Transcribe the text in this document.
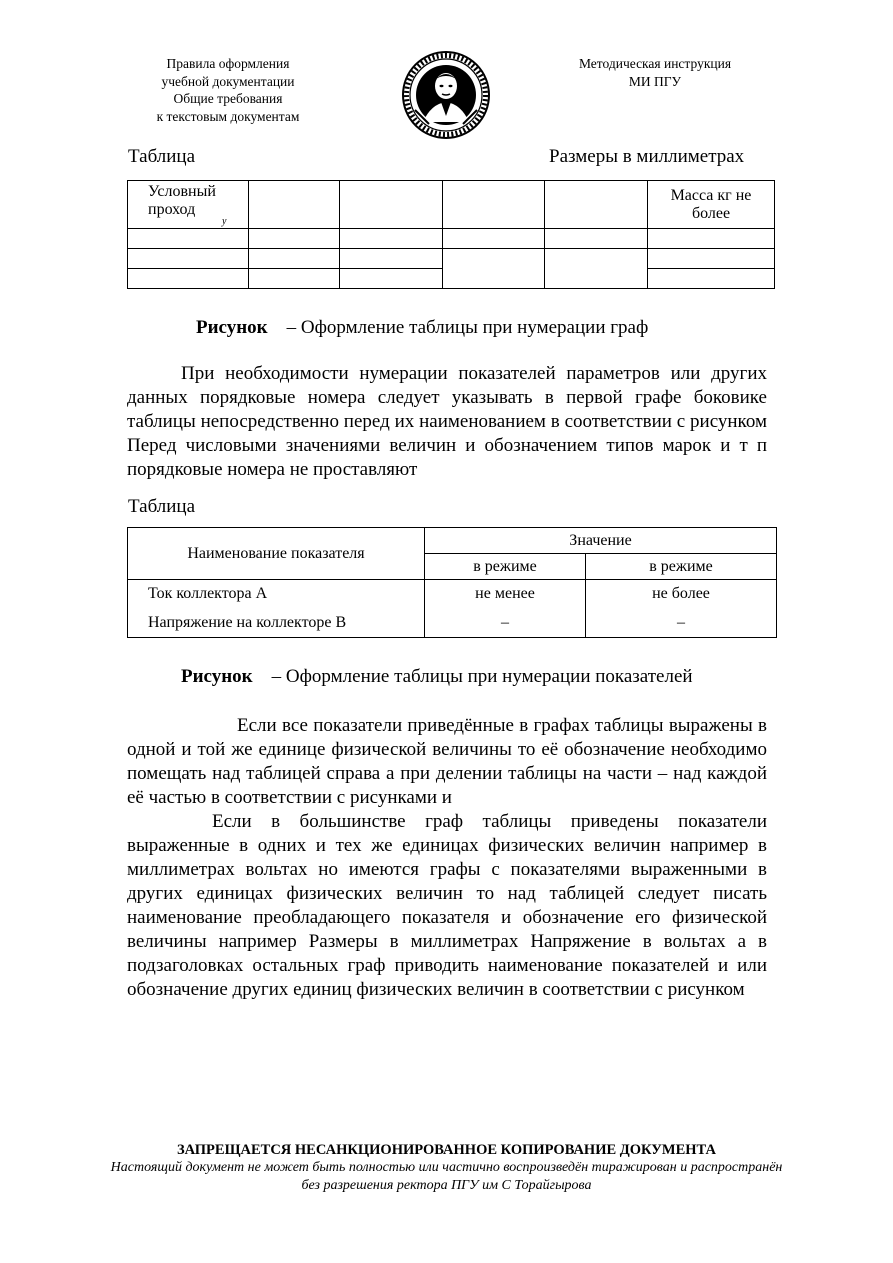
Правила оформления
учебной документации
Общие требования
к текстовым документам
Методическая инструкция
МИ ПГУ
Таблица	Размеры в миллиметрах
Условный проход
у					Масса кг не более

Рисунок – Оформление таблицы при нумерации граф

При необходимости нумерации показателей параметров или других данных порядковые номера следует указывать в первой графе боковике таблицы непосредственно перед их наименованием в соответствии с рисунком Перед числовыми значениями величин и обозначением типов марок и т п порядковые номера не проставляют

Таблица
Наименование показателя	Значение	
	в режиме	в режиме
Ток коллектора А	не менее	не более
Напряжение на коллекторе В	–	–
Рисунок – Оформление таблицы при нумерации показателей

Если все показатели приведённые в графах таблицы выражены в одной и той же единице физической величины то её обозначение необходимо помещать над таблицей справа а при делении таблицы на части – над каждой её частью в соответствии с рисунками и

Если в большинстве граф таблицы приведены показатели выраженные в одних и тех же единицах физических величин например в миллиметрах вольтах но имеются графы с показателями выраженными в других единицах физических величин то над таблицей следует писать наименование преобладающего показателя и обозначение его физической величины например Размеры в миллиметрах Напряжение в вольтах а в подзаголовках остальных граф приводить наименование показателей и или обозначение других единиц физических величин в соответствии с рисунком

ЗАПРЕЩАЕТСЯ НЕСАНКЦИОНИРОВАННОЕ КОПИРОВАНИЕ ДОКУМЕНТА
Настоящий документ не может быть полностью или частично воспроизведён тиражирован и распространён без разрешения ректора ПГУ им С Торайгырова
